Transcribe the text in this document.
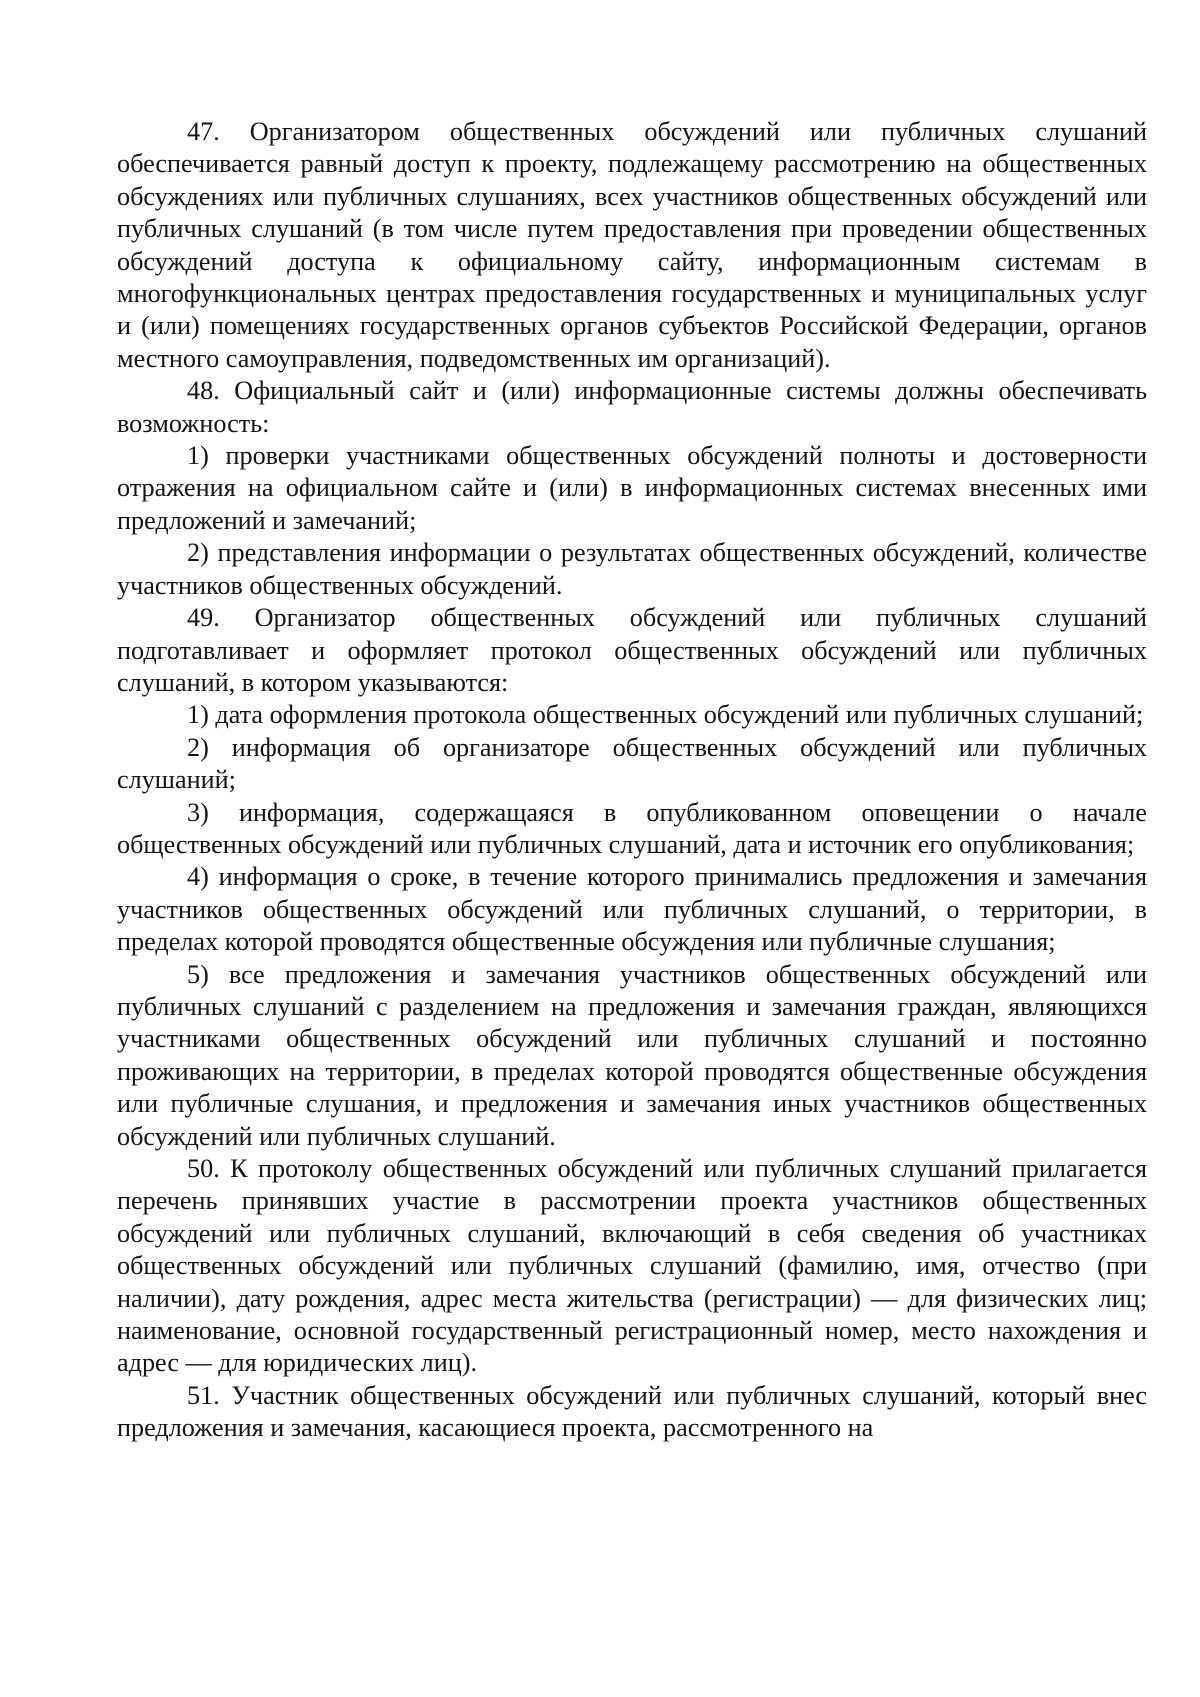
47. Организатором общественных обсуждений или публичных слушаний обеспечивается равный доступ к проекту, подлежащему рассмотрению на общественных обсуждениях или публичных слушаниях, всех участников общественных обсуждений или публичных слушаний (в том числе путем предоставления при проведении общественных обсуждений доступа к официальному сайту, информационным системам в многофункциональных центрах предоставления государственных и муниципальных услуг и (или) помещениях государственных органов субъектов Российской Федерации, органов местного самоуправления, подведомственных им организаций).

48. Официальный сайт и (или) информационные системы должны обеспечивать возможность:

1) проверки участниками общественных обсуждений полноты и достоверности отражения на официальном сайте и (или) в информационных системах внесенных ими предложений и замечаний;

2) представления информации о результатах общественных обсуждений, количестве участников общественных обсуждений.

49. Организатор общественных обсуждений или публичных слушаний подготавливает и оформляет протокол общественных обсуждений или публичных слушаний, в котором указываются:

1) дата оформления протокола общественных обсуждений или публичных слушаний;

2) информация об организаторе общественных обсуждений или публичных слушаний;

3) информация, содержащаяся в опубликованном оповещении о начале общественных обсуждений или публичных слушаний, дата и источник его опубликования;

4) информация о сроке, в течение которого принимались предложения и замечания участников общественных обсуждений или публичных слушаний, о территории, в пределах которой проводятся общественные обсуждения или публичные слушания;

5) все предложения и замечания участников общественных обсуждений или публичных слушаний с разделением на предложения и замечания граждан, являющихся участниками общественных обсуждений или публичных слушаний и постоянно проживающих на территории, в пределах которой проводятся общественные обсуждения или публичные слушания, и предложения и замечания иных участников общественных обсуждений или публичных слушаний.

50. К протоколу общественных обсуждений или публичных слушаний прилагается перечень принявших участие в рассмотрении проекта участников общественных обсуждений или публичных слушаний, включающий в себя сведения об участниках общественных обсуждений или публичных слушаний (фамилию, имя, отчество (при наличии), дату рождения, адрес места жительства (регистрации) — для физических лиц; наименование, основной государственный регистрационный номер, место нахождения и адрес — для юридических лиц).

51. Участник общественных обсуждений или публичных слушаний, который внес предложения и замечания, касающиеся проекта, рассмотренного на
